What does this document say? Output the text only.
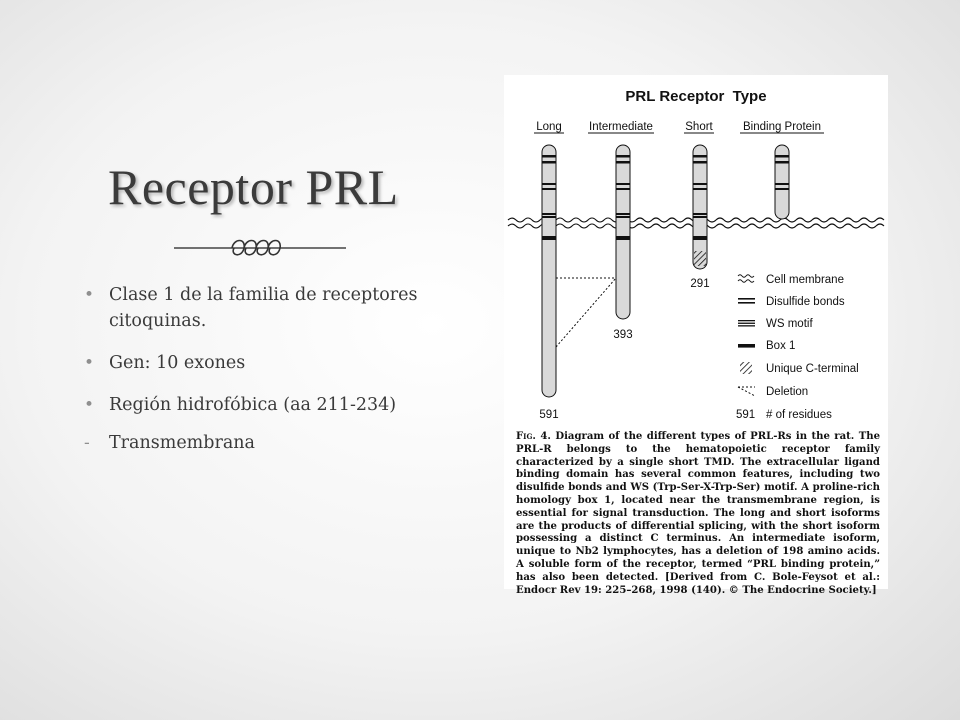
Receptor PRL
• Clase 1 de la familia de receptores citoquinas.
• Gen: 10 exones
• Región hidrofóbica (aa 211-234)
- Transmembrana
PRL Receptor  Type
Long Intermediate	Short	Binding Protein
591
393
291	Cell membrane
Disulfide bonds
WS motif
Box 1
Unique C-terminal
Deletion
591 # of residues
Fig. 4. Diagram of the different types of PRL-Rs in the rat. The PRL-R belongs to the hematopoietic receptor family characterized by a single short TMD. The extracellular ligand binding domain has several common features, including two disulfide bonds and WS (Trp-Ser-X-Trp-Ser) motif. A proline-rich homology box 1, located near the transmembrane region, is essential for signal transduction. The long and short isoforms are the products of differential splicing, with the short isoform possessing a distinct C terminus. An intermediate isoform, unique to Nb2 lymphocytes, has a deletion of 198 amino acids. A soluble form of the receptor, termed “PRL binding protein,” has also been detected. [Derived from C. Bole-Feysot et al.: Endocr Rev 19: 225–268, 1998 (140). © The Endocrine Society.]
